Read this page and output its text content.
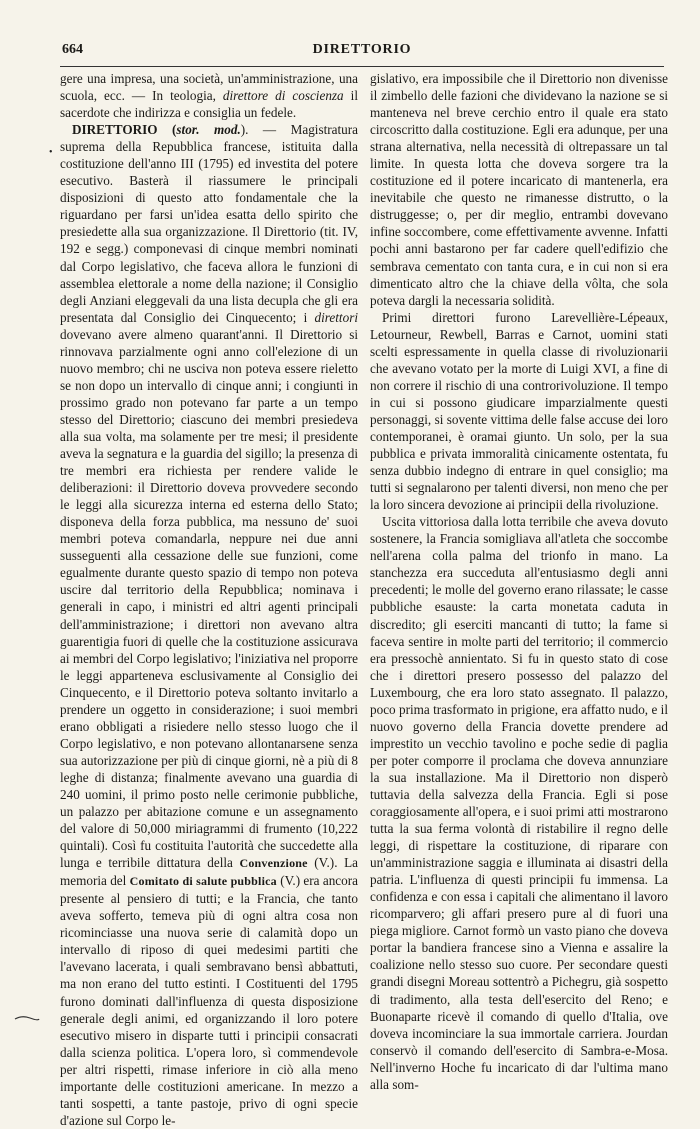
664	DIRETTORIO
•

gere una impresa, una società, un'amministrazione, una scuola, ecc. — In teologia, direttore di coscienza il sacerdote che indirizza e consiglia un fedele.

DIRETTORIO (stor. mod.). — Magistratura suprema della Repubblica francese, istituita dalla costituzione dell'anno III (1795) ed investita del potere esecutivo. Basterà il riassumere le principali disposizioni di questo atto fondamentale che la riguardano per farsi un'idea esatta dello spirito che presiedette alla sua organizzazione. Il Direttorio (tit. IV, 192 e segg.) componevasi di cinque membri nominati dal Corpo legislativo, che faceva allora le funzioni di assemblea elettorale a nome della nazione; il Consiglio degli Anziani eleggevali da una lista decupla che gli era presentata dal Consiglio dei Cinquecento; i direttori dovevano avere almeno quarant'anni. Il Direttorio si rinnovava parzialmente ogni anno coll'elezione di un nuovo membro; chi ne usciva non poteva essere rieletto se non dopo un intervallo di cinque anni; i congiunti in prossimo grado non potevano far parte a un tempo stesso del Direttorio; ciascuno dei membri presiedeva alla sua volta, ma solamente per tre mesi; il presidente aveva la segnatura e la guardia del sigillo; la presenza di tre membri era richiesta per rendere valide le deliberazioni: il Direttorio doveva provvedere secondo le leggi alla sicurezza interna ed esterna dello Stato; disponeva della forza pubblica, ma nessuno de' suoi membri poteva comandarla, neppure nei due anni susseguenti alla cessazione delle sue funzioni, come egualmente durante questo spazio di tempo non poteva uscire dal territorio della Repubblica; nominava i generali in capo, i ministri ed altri agenti principali dell'amministrazione; i direttori non avevano altra guarentigia fuori di quelle che la costituzione assicurava ai membri del Corpo legislativo; l'iniziativa nel proporre le leggi apparteneva esclusivamente al Consiglio dei Cinquecento, e il Direttorio poteva soltanto invitarlo a prendere un oggetto in considerazione; i suoi membri erano obbligati a risiedere nello stesso luogo che il Corpo legislativo, e non potevano allontanarsene senza sua autorizzazione per più di cinque giorni, nè a più di 8 leghe di distanza; finalmente avevano una guardia di 240 uomini, il primo posto nelle cerimonie pubbliche, un palazzo per abitazione comune e un assegnamento del valore di 50,000 miriagrammi di frumento (10,222 quintali). Così fu costituita l'autorità che succedette alla lunga e terribile dittatura della Convenzione (V.). La memoria del Comitato di salute pubblica (V.) era ancora presente al pensiero di tutti; e la Francia, che tanto aveva sofferto, temeva più di ogni altra cosa non ricominciasse una nuova serie di calamità dopo un intervallo di riposo di quei medesimi partiti che l'avevano lacerata, i quali sembravano bensì abbattuti, ma non erano del tutto estinti. I Costituenti del 1795 furono dominati dall'influenza di questa disposizione generale degli animi, ed organizzando il loro potere esecutivo misero in disparte tutti i principii consacrati dalla scienza politica. L'opera loro, sì commendevole per altri rispetti, rimase inferiore in ciò alla meno importante delle costituzioni americane. In mezzo a tanti sospetti, a tante pastoje, privo di ogni specie d'azione sul Corpo le-

gislativo, era impossibile che il Direttorio non divenisse il zimbello delle fazioni che dividevano la nazione se si manteneva nel breve cerchio entro il quale era stato circoscritto dalla costituzione. Egli era adunque, per una strana alternativa, nella necessità di oltrepassare un tal limite. In questa lotta che doveva sorgere tra la costituzione ed il potere incaricato di mantenerla, era inevitabile che questo ne rimanesse distrutto, o la distruggesse; o, per dir meglio, entrambi dovevano infine soccombere, come effettivamente avvenne. Infatti pochi anni bastarono per far cadere quell'edifizio che sembrava cementato con tanta cura, e in cui non si era dimenticato altro che la chiave della vôlta, che sola poteva dargli la necessaria solidità.

Primi direttori furono Larevellière-Lépeaux, Letourneur, Rewbell, Barras e Carnot, uomini stati scelti espressamente in quella classe di rivoluzionarii che avevano votato per la morte di Luigi XVI, a fine di non correre il rischio di una controrivoluzione. Il tempo in cui si possono giudicare imparzialmente questi personaggi, si sovente vittima delle false accuse dei loro contemporanei, è oramai giunto. Un solo, per la sua pubblica e privata immoralità cinicamente ostentata, fu senza dubbio indegno di entrare in quel consiglio; ma tutti si segnalarono per talenti diversi, non meno che per la loro sincera devozione ai principii della rivoluzione.

Uscita vittoriosa dalla lotta terribile che aveva dovuto sostenere, la Francia somigliava all'atleta che soccombe nell'arena colla palma del trionfo in mano. La stanchezza era succeduta all'entusiasmo degli anni precedenti; le molle del governo erano rilassate; le casse pubbliche esauste: la carta monetata caduta in discredito; gli eserciti mancanti di tutto; la fame si faceva sentire in molte parti del territorio; il commercio era pressochè annientato. Si fu in questo stato di cose che i direttori presero possesso del palazzo del Luxembourg, che era loro stato assegnato. Il palazzo, poco prima trasformato in prigione, era affatto nudo, e il nuovo governo della Francia dovette prendere ad imprestito un vecchio tavolino e poche sedie di paglia per poter comporre il proclama che doveva annunziare la sua installazione. Ma il Direttorio non disperò tuttavia della salvezza della Francia. Egli si pose coraggiosamente all'opera, e i suoi primi atti mostrarono tutta la sua ferma volontà di ristabilire il regno delle leggi, di rispettare la costituzione, di riparare con un'amministrazione saggia e illuminata ai disastri della patria. L'influenza di questi principii fu immensa. La confidenza e con essa i capitali che alimentano il lavoro ricomparvero; gli affari presero pure al di fuori una piega migliore. Carnot formò un vasto piano che doveva portar la bandiera francese sino a Vienna e assalire la coalizione nello stesso suo cuore. Per secondare questi grandi disegni Moreau sottentrò a Pichegru, già sospetto di tradimento, alla testa dell'esercito del Reno; e Buonaparte ricevè il comando di quello d'Italia, ove doveva incominciare la sua immortale carriera. Jourdan conservò il comando dell'esercito di Sambra-e-Mosa. Nell'inverno Hoche fu incaricato di dar l'ultima mano alla som-
